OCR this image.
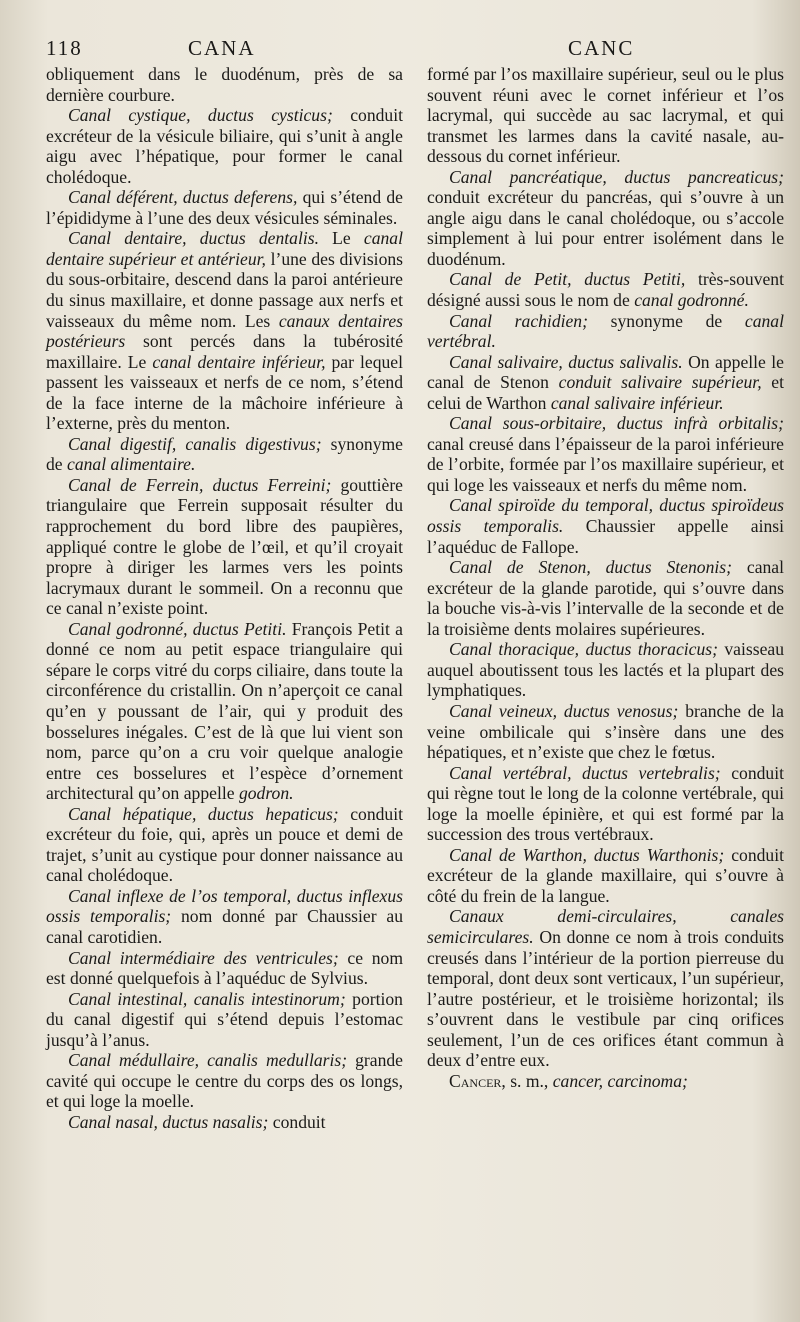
118	CANA	CANC

obliquement dans le duodénum, près de sa dernière courbure.

Canal cystique, ductus cysticus; conduit excréteur de la vésicule biliaire, qui s’unit à angle aigu avec l’hépatique, pour former le canal cholédoque.

Canal déférent, ductus deferens, qui s’étend de l’épididyme à l’une des deux vésicules séminales.

Canal dentaire, ductus dentalis. Le canal dentaire supérieur et antérieur, l’une des divisions du sous-orbitaire, descend dans la paroi antérieure du sinus maxillaire, et donne passage aux nerfs et vaisseaux du même nom. Les canaux dentaires postérieurs sont percés dans la tubérosité maxillaire. Le canal dentaire inférieur, par lequel passent les vaisseaux et nerfs de ce nom, s’étend de la face interne de la mâchoire inférieure à l’externe, près du menton.

Canal digestif, canalis digestivus; synonyme de canal alimentaire.

Canal de Ferrein, ductus Ferreini; gouttière triangulaire que Ferrein supposait résulter du rapprochement du bord libre des paupières, appliqué contre le globe de l’œil, et qu’il croyait propre à diriger les larmes vers les points lacrymaux durant le sommeil. On a reconnu que ce canal n’existe point.

Canal godronné, ductus Petiti. François Petit a donné ce nom au petit espace triangulaire qui sépare le corps vitré du corps ciliaire, dans toute la circonférence du cristallin. On n’aperçoit ce canal qu’en y poussant de l’air, qui y produit des bosselures inégales. C’est de là que lui vient son nom, parce qu’on a cru voir quelque analogie entre ces bosselures et l’espèce d’ornement architectural qu’on appelle godron.

Canal hépatique, ductus hepaticus; conduit excréteur du foie, qui, après un pouce et demi de trajet, s’unit au cystique pour donner naissance au canal cholédoque.

Canal inflexe de l’os temporal, ductus inflexus ossis temporalis; nom donné par Chaussier au canal carotidien.

Canal intermédiaire des ventricules; ce nom est donné quelquefois à l’aquéduc de Sylvius.

Canal intestinal, canalis intestinorum; portion du canal digestif qui s’étend depuis l’estomac jusqu’à l’anus.

Canal médullaire, canalis medullaris; grande cavité qui occupe le centre du corps des os longs, et qui loge la moelle.

Canal nasal, ductus nasalis; conduit

formé par l’os maxillaire supérieur, seul ou le plus souvent réuni avec le cornet inférieur et l’os lacrymal, qui succède au sac lacrymal, et qui transmet les larmes dans la cavité nasale, au-dessous du cornet inférieur.

Canal pancréatique, ductus pancreaticus; conduit excréteur du pancréas, qui s’ouvre à un angle aigu dans le canal cholédoque, ou s’accole simplement à lui pour entrer isolément dans le duodénum.

Canal de Petit, ductus Petiti, très-souvent désigné aussi sous le nom de canal godronné.

Canal rachidien; synonyme de canal vertébral.

Canal salivaire, ductus salivalis. On appelle le canal de Stenon conduit salivaire supérieur, et celui de Warthon canal salivaire inférieur.

Canal sous-orbitaire, ductus infrà orbitalis; canal creusé dans l’épaisseur de la paroi inférieure de l’orbite, formée par l’os maxillaire supérieur, et qui loge les vaisseaux et nerfs du même nom.

Canal spiroïde du temporal, ductus spiroïdeus ossis temporalis. Chaussier appelle ainsi l’aquéduc de Fallope.

Canal de Stenon, ductus Stenonis; canal excréteur de la glande parotide, qui s’ouvre dans la bouche vis-à-vis l’intervalle de la seconde et de la troisième dents molaires supérieures.

Canal thoracique, ductus thoracicus; vaisseau auquel aboutissent tous les lactés et la plupart des lymphatiques.

Canal veineux, ductus venosus; branche de la veine ombilicale qui s’insère dans une des hépatiques, et n’existe que chez le fœtus.

Canal vertébral, ductus vertebralis; conduit qui règne tout le long de la colonne vertébrale, qui loge la moelle épinière, et qui est formé par la succession des trous vertébraux.

Canal de Warthon, ductus Warthonis; conduit excréteur de la glande maxillaire, qui s’ouvre à côté du frein de la langue.

Canaux demi-circulaires, canales semicirculares. On donne ce nom à trois conduits creusés dans l’intérieur de la portion pierreuse du temporal, dont deux sont verticaux, l’un supérieur, l’autre postérieur, et le troisième horizontal; ils s’ouvrent dans le vestibule par cinq orifices seulement, l’un de ces orifices étant commun à deux d’entre eux.

Cancer, s. m., cancer, carcinoma;
